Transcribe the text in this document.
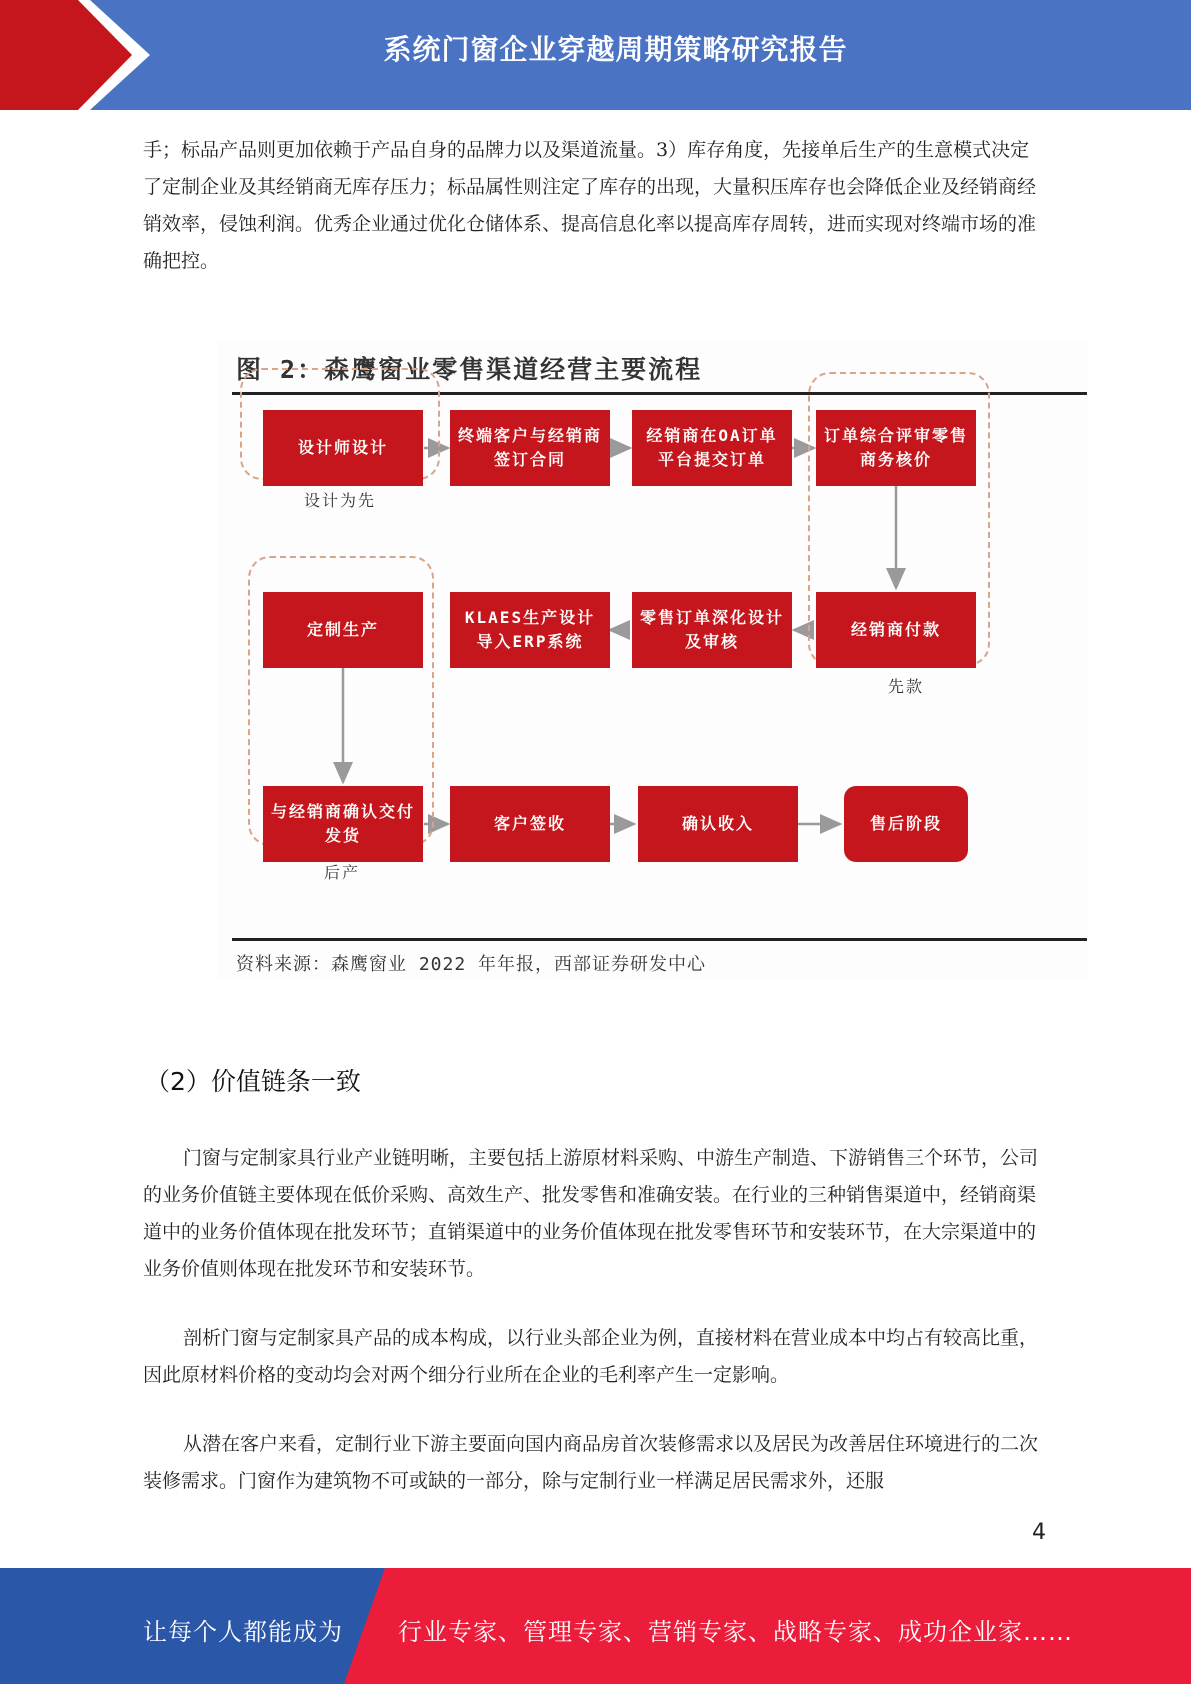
系统门窗企业穿越周期策略研究报告

手；标品产品则更加依赖于产品自身的品牌力以及渠道流量。3）库存角度，先接单后生产的生意模式决定了定制企业及其经销商无库存压力；标品属性则注定了库存的出现，大量积压库存也会降低企业及经销商经销效率，侵蚀利润。优秀企业通过优化仓储体系、提高信息化率以提高库存周转，进而实现对终端市场的准确把控。

图 2：森鹰窗业零售渠道经营主要流程
设计师设计
终端客户与经销商签订合同
经销商在OA订单平台提交订单
订单综合评审零售商务核价
设计为先
经销商付款
零售订单深化设计及审核
KLAES生产设计导入ERP系统
定制生产
先款
与经销商确认交付发货
客户签收	确认收入	售后阶段
后产
资料来源：森鹰窗业 2022 年年报，西部证券研发中心
（2）价值链条一致

门窗与定制家具行业产业链明晰，主要包括上游原材料采购、中游生产制造、下游销售三个环节，公司的业务价值链主要体现在低价采购、高效生产、批发零售和准确安装。在行业的三种销售渠道中，经销商渠道中的业务价值体现在批发环节；直销渠道中的业务价值体现在批发零售环节和安装环节，在大宗渠道中的业务价值则体现在批发环节和安装环节。

剖析门窗与定制家具产品的成本构成，以行业头部企业为例，直接材料在营业成本中均占有较高比重，因此原材料价格的变动均会对两个细分行业所在企业的毛利率产生一定影响。

从潜在客户来看，定制行业下游主要面向国内商品房首次装修需求以及居民为改善居住环境进行的二次装修需求。门窗作为建筑物不可或缺的一部分，除与定制行业一样满足居民需求外，还服

4
让每个人都能成为 行业专家、管理专家、营销专家、战略专家、成功企业家……
